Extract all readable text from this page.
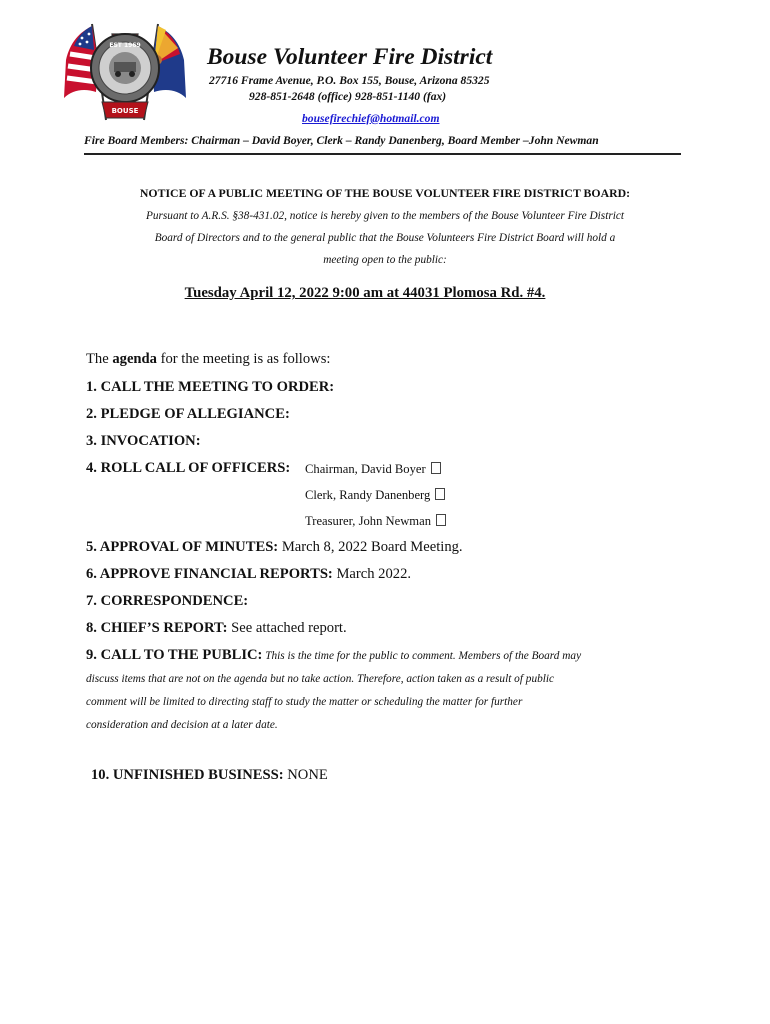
EST 1969
BOUSE
Bouse Volunteer Fire District
27716 Frame Avenue, P.O. Box 155, Bouse, Arizona 85325
928-851-2648 (office) 928-851-1140 (fax)
bousefirechief@hotmail.com
Fire Board Members: Chairman – David Boyer, Clerk – Randy Danenberg, Board Member –John Newman
NOTICE OF A PUBLIC MEETING OF THE BOUSE VOLUNTEER FIRE DISTRICT BOARD:
Pursuant to A.R.S. §38-431.02, notice is hereby given to the members of the Bouse Volunteer Fire District
Board of Directors and to the general public that the Bouse Volunteers Fire District Board will hold a
meeting open to the public:
Tuesday April 12, 2022 9:00 am at 44031 Plomosa Rd. #4.
The agenda for the meeting is as follows:
1. CALL THE MEETING TO ORDER:
2. PLEDGE OF ALLEGIANCE:
3. INVOCATION:
4. ROLL CALL OF OFFICERS: Chairman, David Boyer
Clerk, Randy Danenberg
Treasurer, John Newman
5. APPROVAL OF MINUTES: March 8, 2022 Board Meeting.
6. APPROVE FINANCIAL REPORTS: March 2022.
7. CORRESPONDENCE:
8. CHIEF’S REPORT: See attached report.
9. CALL TO THE PUBLIC: This is the time for the public to comment. Members of the Board may
discuss items that are not on the agenda but no take action. Therefore, action taken as a result of public
comment will be limited to directing staff to study the matter or scheduling the matter for further
consideration and decision at a later date.
10. UNFINISHED BUSINESS: NONE
